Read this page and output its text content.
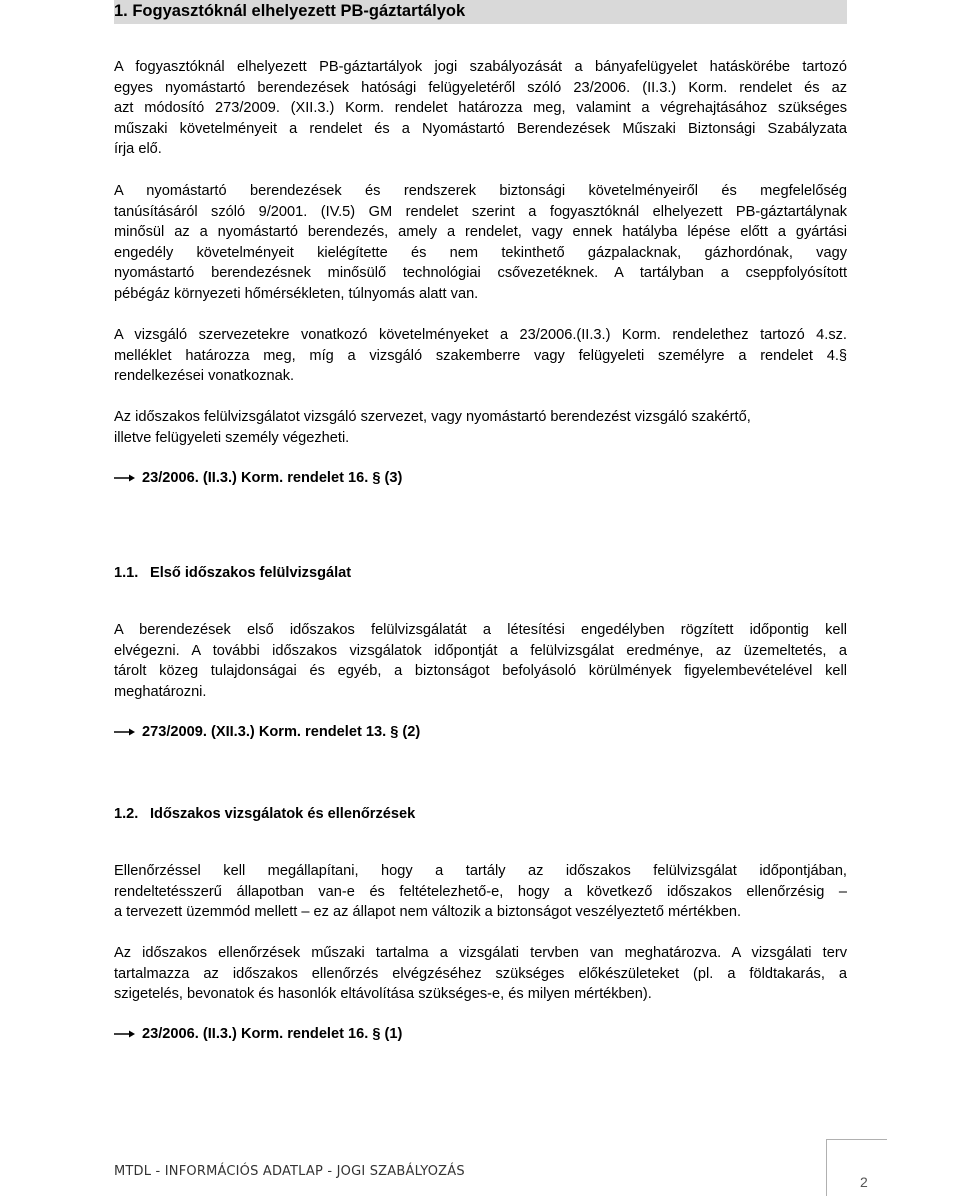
1. Fogyasztóknál elhelyezett PB-gáztartályok
A fogyasztóknál elhelyezett PB-gáztartályok jogi szabályozását a bányafelügyelet hatáskörébe tartozó
egyes nyomástartó berendezések hatósági felügyeletéről szóló 23/2006. (II.3.) Korm. rendelet és az
azt módosító 273/2009. (XII.3.) Korm. rendelet határozza meg, valamint a végrehajtásához szükséges
műszaki követelményeit a rendelet és a Nyomástartó Berendezések Műszaki Biztonsági Szabályzata
írja elő.
A nyomástartó berendezések és rendszerek biztonsági követelményeiről és megfelelőség
tanúsításáról szóló 9/2001. (IV.5) GM rendelet szerint a fogyasztóknál elhelyezett PB-gáztartálynak
minősül az a nyomástartó berendezés, amely a rendelet, vagy ennek hatályba lépése előtt a gyártási
engedély követelményeit kielégítette és nem tekinthető gázpalacknak, gázhordónak, vagy
nyomástartó berendezésnek minősülő technológiai csővezetéknek. A tartályban a cseppfolyósított
pébégáz környezeti hőmérsékleten, túlnyomás alatt van.
A vizsgáló szervezetekre vonatkozó követelményeket a 23/2006.(II.3.) Korm. rendelethez tartozó 4.sz.
melléklet határozza meg, míg a vizsgáló szakemberre vagy felügyeleti személyre a rendelet 4.§
rendelkezései vonatkoznak.
Az időszakos felülvizsgálatot vizsgáló szervezet, vagy nyomástartó berendezést vizsgáló szakértő,
illetve felügyeleti személy végezheti.
23/2006. (II.3.) Korm. rendelet 16. § (3)
1.1. Első időszakos felülvizsgálat
A berendezések első időszakos felülvizsgálatát a létesítési engedélyben rögzített időpontig kell
elvégezni. A további időszakos vizsgálatok időpontját a felülvizsgálat eredménye, az üzemeltetés, a
tárolt közeg tulajdonságai és egyéb, a biztonságot befolyásoló körülmények figyelembevételével kell
meghatározni.
273/2009. (XII.3.) Korm. rendelet 13. § (2)
1.2. Időszakos vizsgálatok és ellenőrzések
Ellenőrzéssel kell megállapítani, hogy a tartály az időszakos felülvizsgálat időpontjában,
rendeltetésszerű állapotban van-e és feltételezhető-e, hogy a következő időszakos ellenőrzésig –
a tervezett üzemmód mellett – ez az állapot nem változik a biztonságot veszélyeztető mértékben.
Az időszakos ellenőrzések műszaki tartalma a vizsgálati tervben van meghatározva. A vizsgálati terv
tartalmazza az időszakos ellenőrzés elvégzéséhez szükséges előkészületeket (pl. a földtakarás, a
szigetelés, bevonatok és hasonlók eltávolítása szükséges-e, és milyen mértékben).
23/2006. (II.3.) Korm. rendelet 16. § (1)
MTDL - INFORMÁCIÓS ADATLAP - JOGI SZABÁLYOZÁS
2
